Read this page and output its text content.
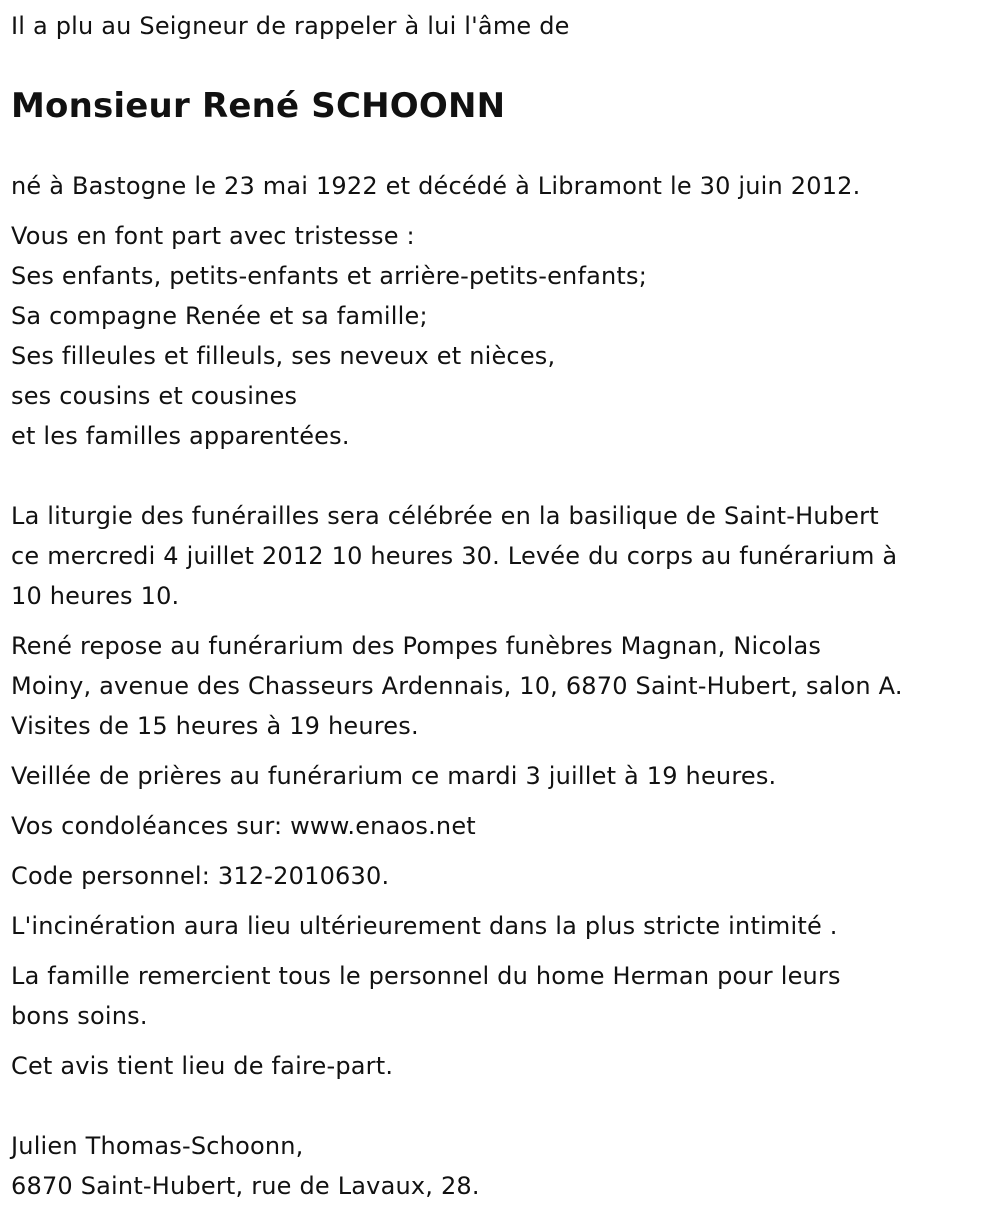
Il a plu au Seigneur de rappeler à lui l'âme de

Monsieur René SCHOONN

né à Bastogne le 23 mai 1922 et décédé à Libramont le 30 juin 2012.

Vous en font part avec tristesse :

Ses enfants, petits-enfants et arrière-petits-enfants;

Sa compagne Renée et sa famille;

Ses filleules et filleuls, ses neveux et nièces,

ses cousins et cousines

et les familles apparentées.

La liturgie des funérailles sera célébrée en la basilique de Saint-Hubert

ce mercredi 4 juillet 2012 10 heures 30. Levée du corps au funérarium à

10 heures 10.

René repose au funérarium des Pompes funèbres Magnan, Nicolas

Moiny, avenue des Chasseurs Ardennais, 10, 6870 Saint-Hubert, salon A.

Visites de 15 heures à 19 heures.

Veillée de prières au funérarium ce mardi 3 juillet à 19 heures.

Vos condoléances sur: www.enaos.net

Code personnel: 312-2010630.

L'incinération aura lieu ultérieurement dans la plus stricte intimité .

La famille remercient tous le personnel du home Herman pour leurs

bons soins.

Cet avis tient lieu de faire-part.

Julien Thomas-Schoonn,

6870 Saint-Hubert, rue de Lavaux, 28.
